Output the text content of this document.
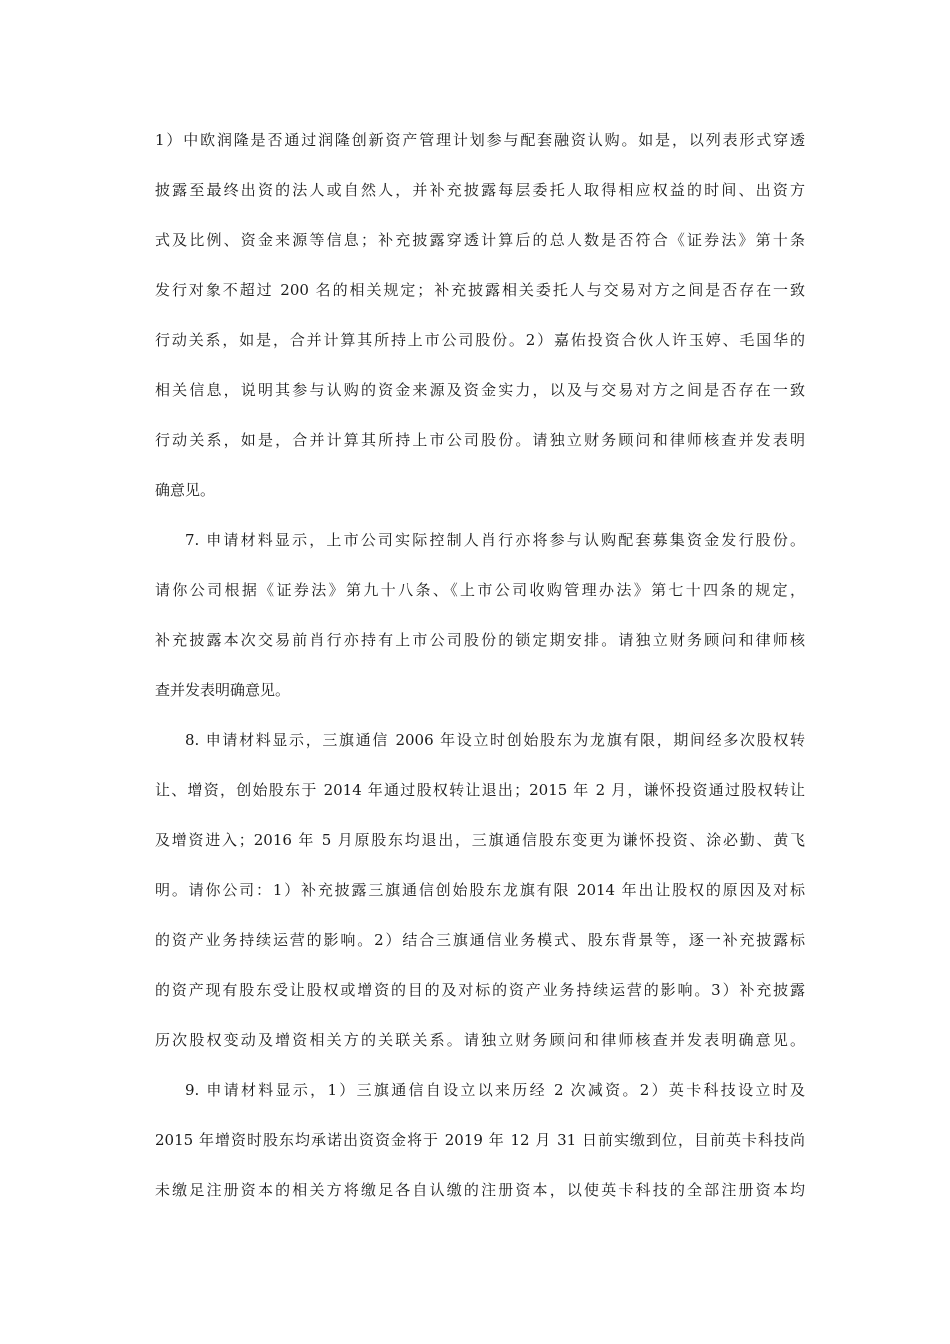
1）中欧润隆是否通过润隆创新资产管理计划参与配套融资认购。如是，以列表形式穿透
披露至最终出资的法人或自然人，并补充披露每层委托人取得相应权益的时间、出资方
式及比例、资金来源等信息；补充披露穿透计算后的总人数是否符合《证券法》第十条
发行对象不超过 200 名的相关规定；补充披露相关委托人与交易对方之间是否存在一致
行动关系，如是，合并计算其所持上市公司股份。2）嘉佑投资合伙人许玉婷、毛国华的
相关信息，说明其参与认购的资金来源及资金实力，以及与交易对方之间是否存在一致
行动关系，如是，合并计算其所持上市公司股份。请独立财务顾问和律师核查并发表明
确意见。
7. 申请材料显示，上市公司实际控制人肖行亦将参与认购配套募集资金发行股份。
请你公司根据《证券法》第九十八条、《上市公司收购管理办法》第七十四条的规定，
补充披露本次交易前肖行亦持有上市公司股份的锁定期安排。请独立财务顾问和律师核
查并发表明确意见。
8. 申请材料显示，三旗通信 2006 年设立时创始股东为龙旗有限，期间经多次股权转
让、增资，创始股东于 2014 年通过股权转让退出；2015 年 2 月，谦怀投资通过股权转让
及增资进入；2016 年 5 月原股东均退出，三旗通信股东变更为谦怀投资、涂必勤、黄飞
明。请你公司：1）补充披露三旗通信创始股东龙旗有限 2014 年出让股权的原因及对标
的资产业务持续运营的影响。2）结合三旗通信业务模式、股东背景等，逐一补充披露标
的资产现有股东受让股权或增资的目的及对标的资产业务持续运营的影响。3）补充披露
历次股权变动及增资相关方的关联关系。请独立财务顾问和律师核查并发表明确意见。
9. 申请材料显示，1）三旗通信自设立以来历经 2 次减资。2）英卡科技设立时及
2015 年增资时股东均承诺出资资金将于 2019 年 12 月 31 日前实缴到位，目前英卡科技尚
未缴足注册资本的相关方将缴足各自认缴的注册资本，以使英卡科技的全部注册资本均
